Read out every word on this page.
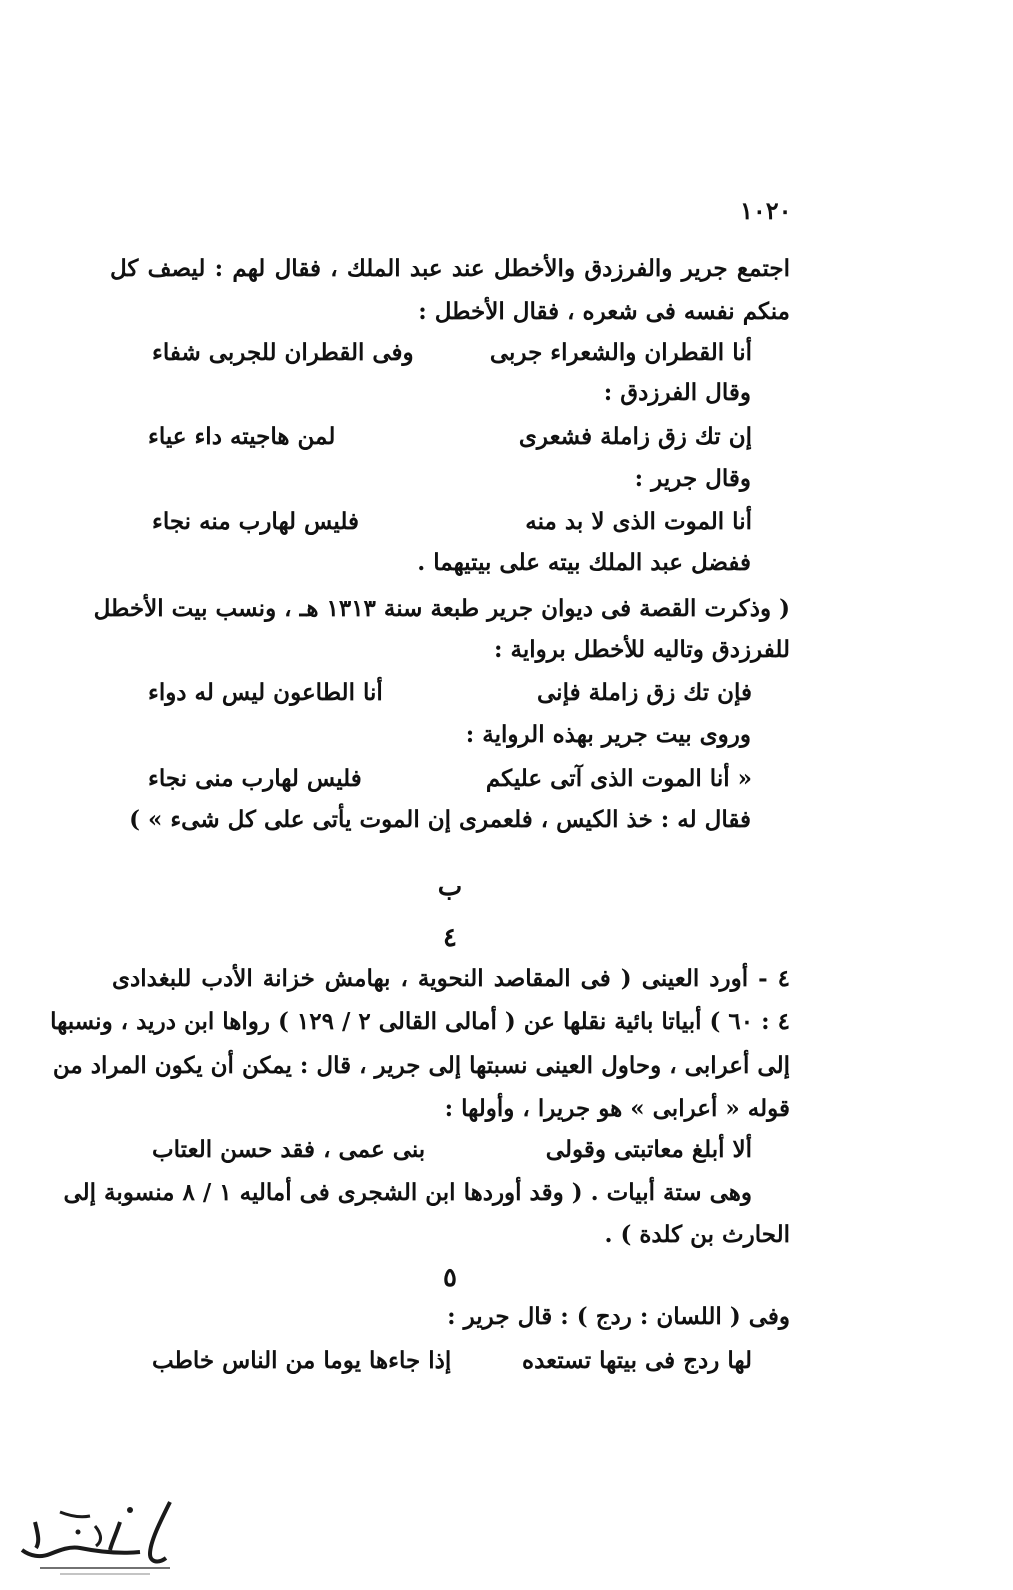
١٠٢٠
اجتمع جرير والفرزدق والأخطل عند عبد الملك ، فقال لهم : ليصف كل
منكم نفسه فى شعره ، فقال الأخطل :
أنا القطران والشعراء جربى
وفى القطران للجربى شفاء
وقال الفرزدق :
إن تك زق زاملة فشعرى
لمن هاجيته داء عياء
وقال جرير :
أنا الموت الذى لا بد منه
فليس لهارب منه نجاء
ففضل عبد الملك بيته على بيتيهما .
( وذكرت القصة فى ديوان جرير طبعة سنة ١٣١٣ هـ ، ونسب بيت الأخطل
للفرزدق وتاليه للأخطل برواية :
فإن تك زق زاملة فإنى
أنا الطاعون ليس له دواء
وروى بيت جرير بهذه الرواية :
« أنا الموت الذى آتى عليكم
فليس لهارب منى نجاء
فقال له : خذ الكيس ، فلعمرى إن الموت يأتى على كل شىء » )
ب
٤
٤ - أورد العينى ( فى المقاصد النحوية ، بهامش خزانة الأدب للبغدادى
٤ : ٦٠ ) أبياتا بائية نقلها عن ( أمالى القالى ٢ / ١٢٩ ) رواها ابن دريد ، ونسبها
إلى أعرابى ، وحاول العينى نسبتها إلى جرير ، قال : يمكن أن يكون المراد من
قوله « أعرابى » هو جريرا ، وأولها :
ألا أبلغ معاتبتى وقولى
بنى عمى ، فقد حسن العتاب
وهى ستة أبيات . ( وقد أوردها ابن الشجرى فى أماليه ١ / ٨ منسوبة إلى
الحارث بن كلدة ) .
٥
وفى ( اللسان : ردج ) : قال جرير :
لها ردج فى بيتها تستعده
إذا جاءها يوما من الناس خاطب
